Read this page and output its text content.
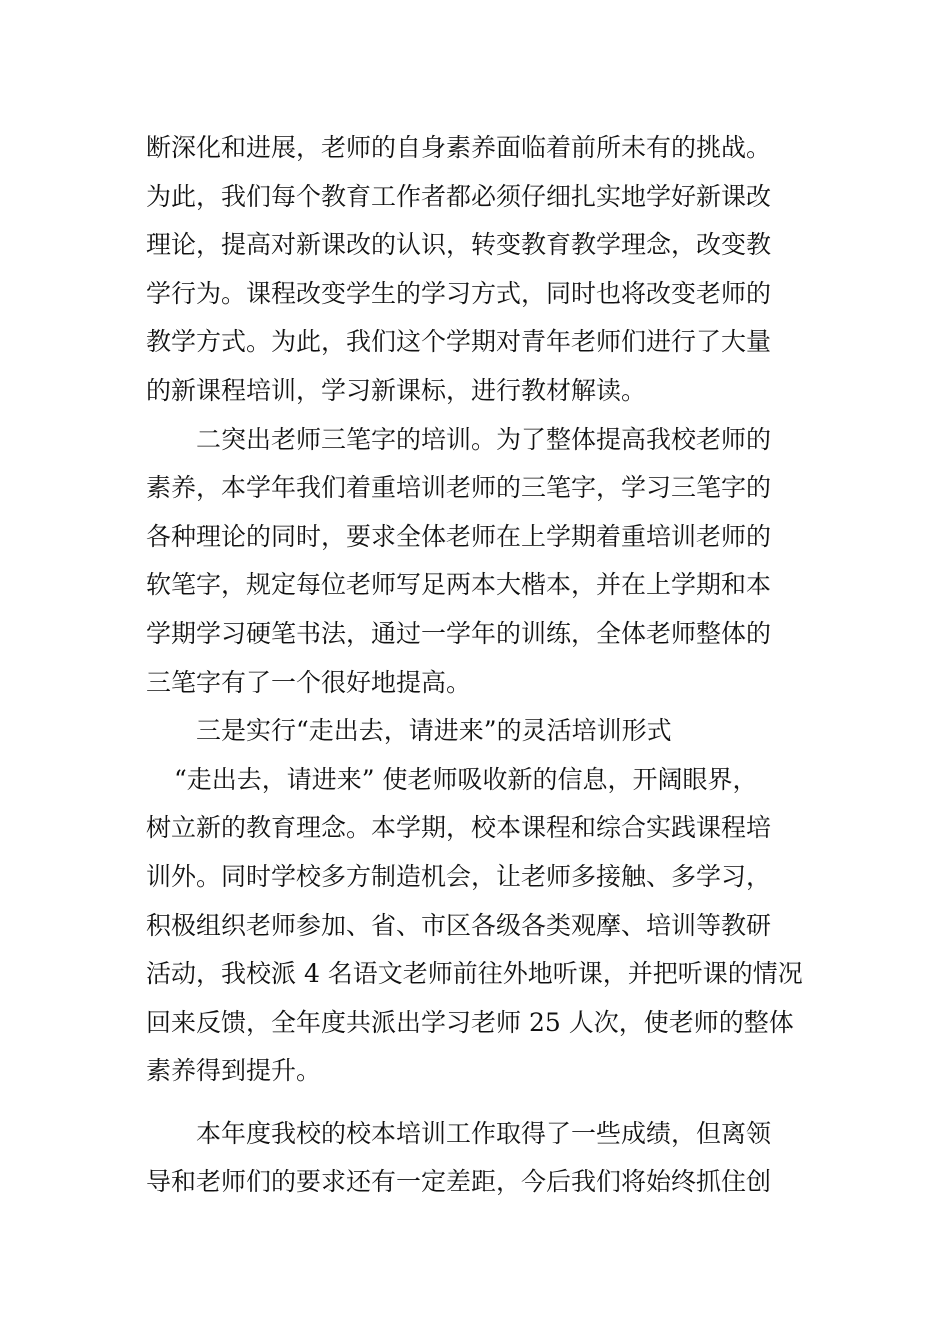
断深化和进展，老师的自身素养面临着前所未有的挑战。
为此，我们每个教育工作者都必须仔细扎实地学好新课改
理论，提高对新课改的认识，转变教育教学理念，改变教
学行为。课程改变学生的学习方式，同时也将改变老师的
教学方式。为此，我们这个学期对青年老师们进行了大量
的新课程培训，学习新课标，进行教材解读。
二突出老师三笔字的培训。为了整体提高我校老师的
素养，本学年我们着重培训老师的三笔字，学习三笔字的
各种理论的同时，要求全体老师在上学期着重培训老师的
软笔字，规定每位老师写足两本大楷本，并在上学期和本
学期学习硬笔书法，通过一学年的训练，全体老师整体的
三笔字有了一个很好地提高。
三是实行“走出去，请进来”的灵活培训形式
“走出去，请进来” 使老师吸收新的信息，开阔眼界，
树立新的教育理念。本学期，校本课程和综合实践课程培
训外。同时学校多方制造机会，让老师多接触、多学习，
积极组织老师参加、省、市区各级各类观摩、培训等教研
活动，我校派 4 名语文老师前往外地听课，并把听课的情况
回来反馈，全年度共派出学习老师 25 人次，使老师的整体
素养得到提升。
本年度我校的校本培训工作取得了一些成绩，但离领
导和老师们的要求还有一定差距，今后我们将始终抓住创
